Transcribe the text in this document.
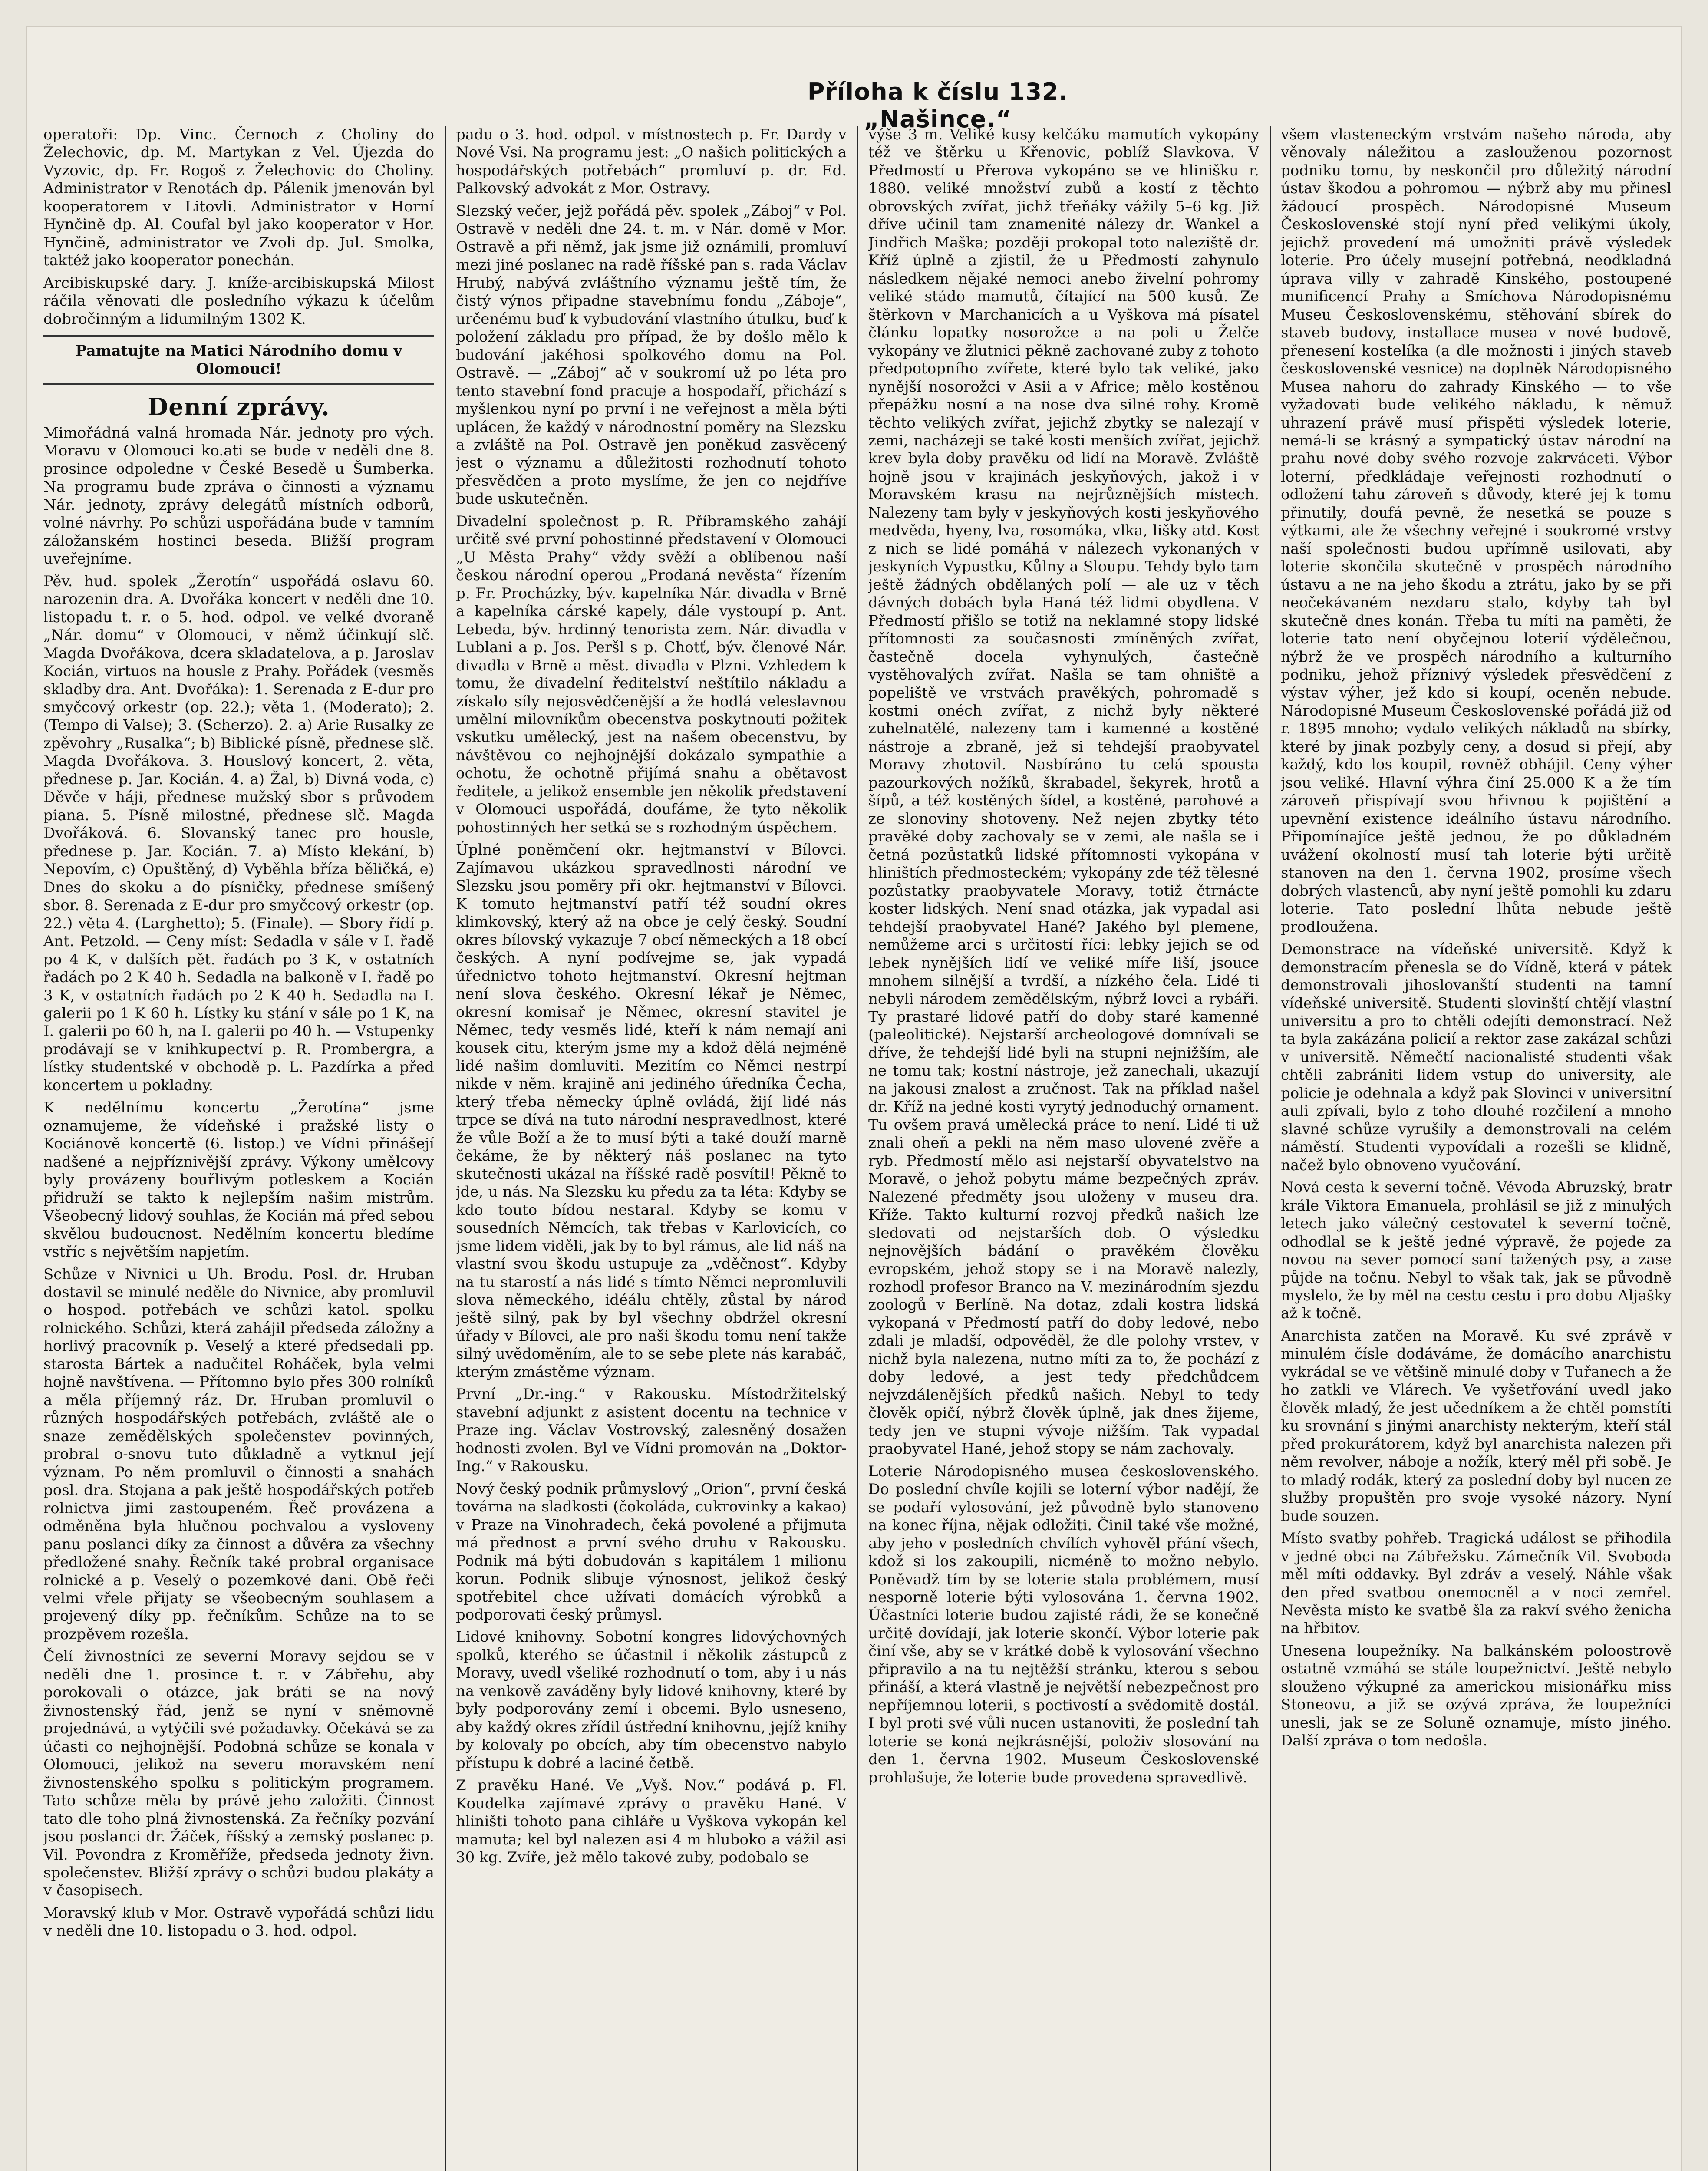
Příloha k číslu 132. „Našince.“
operatoři: Dp. Vinc. Černoch z Choliny do Želechovic, dp. M. Martykan z Vel. Újezda do Vyzovic, dp. Fr. Rogoš z Želechovic do Choliny. Administrator v Renotách dp. Pálenik jmenován byl kooperatorem v Litovli. Administrator v Horní Hynčině dp. Al. Coufal byl jako kooperator v Hor. Hynčině, administrator ve Zvoli dp. Jul. Smolka, taktéž jako kooperator ponechán.
Arcibiskupské dary. J. kníže-arcibiskupská Milost ráčila věnovati dle posledního výkazu k účelům dobročinným a lidumilným 1302 K.
Pamatujte na Matici Národního domu v Olomouci!
Denní zprávy.
Mimořádná valná hromada Nár. jednoty pro vých. Moravu v Olomouci ko.ati se bude v neděli dne 8. prosince odpoledne v České Besedě u Šumberka. Na programu bude zpráva o činnosti a významu Nár. jednoty, zprávy delegátů místních odborů, volné návrhy. Po schůzi uspořádána bude v tamním záložanském hostinci beseda. Bližší program uveřejníme.
Pěv. hud. spolek „Žerotín“ uspořádá oslavu 60. narozenin dra. A. Dvořáka koncert v neděli dne 10. listopadu t. r. o 5. hod. odpol. ve velké dvoraně „Nár. domu“ v Olomouci, v němž účinkují slč. Magda Dvořákova, dcera skladatelova, a p. Jaroslav Kocián, virtuos na housle z Prahy. Pořádek (vesměs skladby dra. Ant. Dvořáka): 1. Serenada z E-dur pro smyčcový orkestr (op. 22.); věta 1. (Moderato); 2. (Tempo di Valse); 3. (Scherzo). 2. a) Arie Rusalky ze zpěvohry „Rusalka“; b) Biblické písně, přednese slč. Magda Dvořákova. 3. Houslový koncert, 2. věta, přednese p. Jar. Kocián. 4. a) Žal, b) Divná voda, c) Děvče v háji, přednese mužský sbor s průvodem piana. 5. Písně milostné, přednese slč. Magda Dvořáková. 6. Slovanský tanec pro housle, přednese p. Jar. Kocián. 7. a) Místo klekání, b) Nepovím, c) Opuštěný, d) Vyběhla bříza běličká, e) Dnes do skoku a do písničky, přednese smíšený sbor. 8. Serenada z E-dur pro smyčcový orkestr (op. 22.) věta 4. (Larghetto); 5. (Finale). — Sbory řídí p. Ant. Petzold. — Ceny míst: Sedadla v sále v I. řadě po 4 K, v dalších pět. řadách po 3 K, v ostatních řadách po 2 K 40 h. Sedadla na balkoně v I. řadě po 3 K, v ostatních řadách po 2 K 40 h. Sedadla na I. galerii po 1 K 60 h. Lístky ku stání v sále po 1 K, na I. galerii po 60 h, na I. galerii po 40 h. — Vstupenky prodávají se v knihkupectví p. R. Prombergra, a lístky studentské v obchodě p. L. Pazdírka a před koncertem u pokladny.
K nedělnímu koncertu „Žerotína“ jsme oznamujeme, že vídeňské i pražské listy o Kociánově koncertě (6. listop.) ve Vídni přinášejí nadšené a nejpříznivější zprávy. Výkony umělcovy byly provázeny bouřlivým potleskem a Kocián přidruží se takto k nejlepším našim mistrům. Všeobecný lidový souhlas, že Kocián má před sebou skvělou budoucnost. Nedělním koncertu bledíme vstříc s největším napjetím.
Schůze v Nivnici u Uh. Brodu. Posl. dr. Hruban dostavil se minulé neděle do Nivnice, aby promluvil o hospod. potřebách ve schůzi katol. spolku rolnického. Schůzi, která zahájil předseda záložny a horlivý pracovník p. Veselý a které předsedali pp. starosta Bártek a nadučitel Roháček, byla velmi hojně navštívena. — Přítomno bylo přes 300 rolníků a měla příjemný ráz. Dr. Hruban promluvil o různých hospodářských potřebách, zvláště ale o snaze zemědělských společenstev povinných, probral o-snovu tuto důkladně a vytknul její význam. Po něm promluvil o činnosti a snahách posl. dra. Stojana a pak ještě hospodářských potřeb rolnictva jimi zastoupeném. Řeč provázena a odměněna byla hlučnou pochvalou a vysloveny panu poslanci díky za činnost a důvěra za všechny předložené snahy. Řečník také probral organisace rolnické a p. Veselý o pozemkové dani. Obě řeči velmi vřele přijaty se všeobecným souhlasem a projevený díky pp. řečníkům. Schůze na to se prozpěvem rozešla.
Čelí živnostníci ze severní Moravy sejdou se v neděli dne 1. prosince t. r. v Zábřehu, aby porokovali o otázce, jak bráti se na nový živnostenský řád, jenž se nyní v sněmovně projednává, a vytýčili své požadavky. Očekává se za účasti co nejhojnější. Podobná schůze se konala v Olomouci, jelikož na severu moravském není živnostenského spolku s politickým programem. Tato schůze měla by právě jeho založiti. Činnost tato dle toho plná živnostenská. Za řečníky pozvání jsou poslanci dr. Žáček, říšský a zemský poslanec p. Vil. Povondra z Kroměříže, předseda jednoty živn. společenstev. Bližší zprávy o schůzi budou plakáty a v časopisech.
Moravský klub v Mor. Ostravě vypořádá schůzi lidu v neděli dne 10. listopadu o 3. hod. odpol.
padu o 3. hod. odpol. v místnostech p. Fr. Dardy v Nové Vsi. Na programu jest: „O našich politických a hospodářských potřebách“ promluví p. dr. Ed. Palkovský advokát z Mor. Ostravy.
Slezský večer, jejž pořádá pěv. spolek „Záboj“ v Pol. Ostravě v neděli dne 24. t. m. v Nár. domě v Mor. Ostravě a při němž, jak jsme již oznámili, promluví mezi jiné poslanec na radě říšské pan s. rada Václav Hrubý, nabývá zvláštního významu ještě tím, že čistý výnos připadne stavebnímu fondu „Záboje“, určenému buď k vybudování vlastního útulku, buď k položení základu pro případ, že by došlo mělo k budování jakéhosi spolkového domu na Pol. Ostravě. — „Záboj“ ač v soukromí už po léta pro tento stavební fond pracuje a hospodaří, přichází s myšlenkou nyní po první i ne veřejnost a měla býti uplácen, že každý v národnostní poměry na Slezsku a zvláště na Pol. Ostravě jen poněkud zasvěcený jest o významu a důležitosti rozhodnutí tohoto přesvědčen a proto myslíme, že jen co nejdříve bude uskutečněn.
Divadelní společnost p. R. Příbramského zahájí určitě své první pohostinné představení v Olomouci „U Města Prahy“ vždy svěží a oblíbenou naší českou národní operou „Prodaná nevěsta“ řízením p. Fr. Procházky, býv. kapelníka Nár. divadla v Brně a kapelníka cárské kapely, dále vystoupí p. Ant. Lebeda, býv. hrdinný tenorista zem. Nár. divadla v Lublani a p. Jos. Peršl s p. Chotť, býv. členové Nár. divadla v Brně a měst. divadla v Plzni. Vzhledem k tomu, že divadelní ředitelství neštítilo nákladu a získalo síly nejosvědčenější a že hodlá veleslavnou umělní milovníkům obecenstva poskytnouti požitek vskutku umělecký, jest na našem obecenstvu, by návštěvou co nejhojnější dokázalo sympathie a ochotu, že ochotně přijímá snahu a obětavost ředitele, a jelikož ensemble jen několik představení v Olomouci uspořádá, doufáme, že tyto několik pohostinných her setká se s rozhodným úspěchem.
Úplné poněmčení okr. hejtmanství v Bílovci. Zajímavou ukázkou spravedlnosti národní ve Slezsku jsou poměry při okr. hejtmanství v Bílovci. K tomuto hejtmanství patří též soudní okres klimkovský, který až na obce je celý český. Soudní okres bílovský vykazuje 7 obcí německých a 18 obcí českých. A nyní podívejme se, jak vypadá úřednictvo tohoto hejtmanství. Okresní hejtman není slova českého. Okresní lékař je Němec, okresní komisař je Němec, okresní stavitel je Němec, tedy vesměs lidé, kteří k nám nemají ani kousek citu, kterým jsme my a kdož dělá nejméně lidé našim domluviti. Mezitím co Němci nestrpí nikde v něm. krajině ani jediného úředníka Čecha, který třeba německy úplně ovládá, žijí lidé nás trpce se dívá na tuto národní nespravedlnost, které že vůle Boží a že to musí býti a také douží marně čekáme, že by některý náš poslanec na tyto skutečnosti ukázal na říšské radě posvítil! Pěkně to jde, u nás. Na Slezsku ku předu za ta léta: Kdyby se kdo touto bídou nestaral. Kdyby se komu v sousedních Němcích, tak třebas v Karlovicích, co jsme lidem viděli, jak by to byl rámus, ale lid náš na vlastní svou škodu ustupuje za „vděčnost“. Kdyby na tu starostí a nás lidé s tímto Němci nepromluvili slova německého, idéálu chtěly, zůstal by národ ještě silný, pak by byl všechny obdržel okresní úřady v Bílovci, ale pro naši škodu tomu není takže silný uvědoměním, ale to se sebe plete nás karabáč, kterým zmástěme význam.
První „Dr.-ing.“ v Rakousku. Místodržitelský stavební adjunkt z asistent docentu na technice v Praze ing. Václav Vostrovský, zalesněný dosažen hodnosti zvolen. Byl ve Vídni promován na „Doktor-Ing.“ v Rakousku.
Nový český podnik průmyslový „Orion“, první česká továrna na sladkosti (čokoláda, cukrovinky a kakao) v Praze na Vinohradech, čeká povolené a přijmuta má přednost a první svého druhu v Rakousku. Podnik má býti dobudován s kapitálem 1 milionu korun. Podnik slibuje výnosnost, jelikož český spotřebitel chce užívati domácích výrobků a podporovati český průmysl.
Lidové knihovny. Sobotní kongres lidovýchovných spolků, kterého se účastnil i několik zástupců z Moravy, uvedl všeliké rozhodnutí o tom, aby i u nás na venkově zaváděny byly lidové knihovny, které by byly podporovány zemí i obcemi. Bylo usneseno, aby každý okres zřídil ústřední knihovnu, jejíž knihy by kolovaly po obcích, aby tím obecenstvo nabylo přístupu k dobré a laciné četbě.
Z pravěku Hané. Ve „Vyš. Nov.“ podává p. Fl. Koudelka zajímavé zprávy o pravěku Hané. V hliništi tohoto pana cihláře u Vyškova vykopán kel mamuta; kel byl nalezen asi 4 m hluboko a vážil asi 30 kg. Zvíře, jež mělo takové zuby, podobalo se
výše 3 m. Veliké kusy kelčáku mamutích vykopány též ve štěrku u Křenovic, poblíž Slavkova. V Předmostí u Přerova vykopáno se ve hlinišku r. 1880. veliké množství zubů a kostí z těchto obrovských zvířat, jichž třeňáky vážily 5–6 kg. Již dříve učinil tam znamenité nálezy dr. Wankel a Jindřich Maška; později prokopal toto naleziště dr. Kříž úplně a zjistil, že u Předmostí zahynulo následkem nějaké nemoci anebo živelní pohromy veliké stádo mamutů, čítající na 500 kusů. Ze štěrkovn v Marchanicích a u Vyškova má písatel článku lopatky nosorožce a na poli u Želče vykopány ve žlutnici pěkně zachované zuby z tohoto předpotopního zvířete, které bylo tak veliké, jako nynější nosorožci v Asii a v Africe; mělo kostěnou přepážku nosní a na nose dva silné rohy. Kromě těchto velikých zvířat, jejichž zbytky se nalezají v zemi, nacházeji se také kosti menších zvířat, jejichž krev byla doby pravěku od lidí na Moravě. Zvláště hojně jsou v krajinách jeskyňových, jakož i v Moravském krasu na nejrůznějších místech. Nalezeny tam byly v jeskyňových kosti jeskyňového medvěda, hyeny, lva, rosomáka, vlka, lišky atd. Kost z nich se lidé pomáhá v nálezech vykonaných v jeskyních Vypustku, Kůlny a Sloupu. Tehdy bylo tam ještě žádných obdělaných polí — ale uz v těch dávných dobách byla Haná též lidmi obydlena. V Předmostí přišlo se totiž na neklamné stopy lidské přítomnosti za současnosti zmíněných zvířat, častečně docela vyhynulých, častečně vystěhovalých zvířat. Našla se tam ohniště a popeliště ve vrstvách pravěkých, pohromadě s kostmi onéch zvířat, z nichž byly některé zuhelnatělé, nalezeny tam i kamenné a kostěné nástroje a zbraně, jež si tehdejší praobyvatel Moravy zhotovil. Nasbíráno tu celá spousta pazourkových nožíků, škrabadel, šekyrek, hrotů a šípů, a též kostěných šídel, a kostěné, parohové a ze slonoviny shotoveny. Než nejen zbytky této pravěké doby zachovaly se v zemi, ale našla se i četná pozůstatků lidské přítomnosti vykopána v hliništích předmosteckém; vykopány zde též tělesné pozůstatky praobyvatele Moravy, totiž čtrnácte koster lidských. Není snad otázka, jak vypadal asi tehdejší praobyvatel Hané? Jakého byl plemene, nemůžeme arci s určitostí říci: lebky jejich se od lebek nynějších lidí ve veliké míře liší, jsouce mnohem silnější a tvrdší, a nízkého čela. Lidé ti nebyli národem zemědělským, nýbrž lovci a rybáři. Ty prastaré lidové patří do doby staré kamenné (paleolitické). Nejstarší archeologové domnívali se dříve, že tehdejší lidé byli na stupni nejnižším, ale ne tomu tak; kostní nástroje, jež zanechali, ukazují na jakousi znalost a zručnost. Tak na příklad našel dr. Kříž na jedné kosti vyrytý jednoduchý ornament. Tu ovšem pravá umělecká práce to není. Lidé ti už znali oheň a pekli na něm maso ulovené zvěře a ryb. Předmostí mělo asi nejstarší obyvatelstvo na Moravě, o jehož pobytu máme bezpečných zpráv. Nalezené předměty jsou uloženy v museu dra. Kříže. Takto kulturní rozvoj předků našich lze sledovati od nejstarších dob. O výsledku nejnovějších bádání o pravěkém člověku evropském, jehož stopy se i na Moravě nalezly, rozhodl profesor Branco na V. mezinárodním sjezdu zoologů v Berlíně. Na dotaz, zdali kostra lidská vykopaná v Předmostí patří do doby ledové, nebo zdali je mladší, odpověděl, že dle polohy vrstev, v nichž byla nalezena, nutno míti za to, že pochází z doby ledové, a jest tedy předchůdcem nejvzdálenějších předků našich. Nebyl to tedy člověk opičí, nýbrž člověk úplně, jak dnes žijeme, tedy jen ve stupni vývoje nižším. Tak vypadal praobyvatel Hané, jehož stopy se nám zachovaly.
Loterie Národopisného musea československého. Do poslední chvíle kojili se loterní výbor nadějí, že se podaří vylosování, jež původně bylo stanoveno na konec října, nějak odložiti. Činil také vše možné, aby jeho v posledních chvílích vyhověl přání všech, kdož si los zakoupili, nicméně to možno nebylo. Poněvadž tím by se loterie stala problémem, musí nesporně loterie býti vylosována 1. června 1902. Účastníci loterie budou zajisté rádi, že se konečně určitě dovídají, jak loterie skončí. Výbor loterie pak činí vše, aby se v krátké době k vylosování všechno připravilo a na tu nejtěžší stránku, kterou s sebou přináší, a která vlastně je největší nebezpečnost pro nepříjemnou loterii, s poctivostí a svědomitě dostál. I byl proti své vůli nucen ustanoviti, že poslední tah loterie se koná nejkrásnější, položiv slosování na den 1. června 1902. Museum Československé prohlašuje, že loterie bude provedena spravedlivě.
všem vlasteneckým vrstvám našeho národa, aby věnovaly náležitou a zaslouženou pozornost podniku tomu, by neskončil pro důležitý národní ústav škodou a pohromou — nýbrž aby mu přinesl žádoucí prospěch. Národopisné Museum Československé stojí nyní před velikými úkoly, jejichž provedení má umožniti právě výsledek loterie. Pro účely musejní potřebná, neodkladná úprava villy v zahradě Kinského, postoupené munificencí Prahy a Smíchova Národopisnému Museu Československému, stěhování sbírek do staveb budovy, installace musea v nové budově, přenesení kostelíka (a dle možnosti i jiných staveb československé vesnice) na doplněk Národopisného Musea nahoru do zahrady Kinského — to vše vyžadovati bude velikého nákladu, k němuž uhrazení právě musí přispěti výsledek loterie, nemá-li se krásný a sympatický ústav národní na prahu nové doby svého rozvoje zakrváceti. Výbor loterní, předkládaje veřejnosti rozhodnutí o odložení tahu zároveň s důvody, které jej k tomu přinutily, doufá pevně, že nesetká se pouze s výtkami, ale že všechny veřejné i soukromé vrstvy naší společnosti budou upřímně usilovati, aby loterie skončila skutečně v prospěch národního ústavu a ne na jeho škodu a ztrátu, jako by se při neočekávaném nezdaru stalo, kdyby tah byl skutečně dnes konán. Třeba tu míti na paměti, že loterie tato není obyčejnou loterií výdělečnou, nýbrž že ve prospěch národního a kulturního podniku, jehož příznivý výsledek přesvědčení z výstav výher, jež kdo si koupí, oceněn nebude. Národopisné Museum Československé pořádá již od r. 1895 mnoho; vydalo velikých nákladů na sbírky, které by jinak pozbyly ceny, a dosud si přejí, aby každý, kdo los koupil, rovněž obhájil. Ceny výher jsou veliké. Hlavní výhra činí 25.000 K a že tím zároveň přispívají svou hřivnou k pojištění a upevnění existence ideálního ústavu národního. Připomínajíce ještě jednou, že po důkladném uvážení okolností musí tah loterie býti určitě stanoven na den 1. června 1902, prosíme všech dobrých vlastenců, aby nyní ještě pomohli ku zdaru loterie. Tato poslední lhůta nebude ještě prodloužena.
Demonstrace na vídeňské universitě. Když k demonstracím přenesla se do Vídně, která v pátek demonstrovali jihoslovanští studenti na tamní vídeňské universitě. Studenti slovinští chtějí vlastní universitu a pro to chtěli odejíti demonstrací. Než ta byla zakázána policií a rektor zase zakázal schůzi v universitě. Němečtí nacionalisté studenti však chtěli zabrániti lidem vstup do university, ale policie je odehnala a když pak Slovinci v universitní auli zpívali, bylo z toho dlouhé rozčilení a mnoho slavné schůze vyrušily a demonstrovali na celém náměstí. Studenti vypovídali a rozešli se klidně, načež bylo obnoveno vyučování.
Nová cesta k severní točně. Vévoda Abruzský, bratr krále Viktora Emanuela, prohlásil se již z minulých letech jako válečný cestovatel k severní točně, odhodlal se k ještě jedné výpravě, že pojede za novou na sever pomocí saní tažených psy, a zase půjde na točnu. Nebyl to však tak, jak se původně myslelo, že by měl na cestu cestu i pro dobu Aljašky až k točně.
Anarchista zatčen na Moravě. Ku své zprávě v minulém čísle dodáváme, že domácího anarchistu vykrádal se ve většině minulé doby v Tuřanech a že ho zatkli ve Vlárech. Ve vyšetřování uvedl jako člověk mladý, že jest učedníkem a že chtěl pomstíti ku srovnání s jinými anarchisty nekterým, kteří stál před prokurátorem, když byl anarchista nalezen při něm revolver, náboje a nožík, který měl při sobě. Je to mladý rodák, který za poslední doby byl nucen ze služby propuštěn pro svoje vysoké názory. Nyní bude souzen.
Místo svatby pohřeb. Tragická událost se přihodila v jedné obci na Zábřežsku. Zámečník Vil. Svoboda měl míti oddavky. Byl zdráv a veselý. Náhle však den před svatbou onemocněl a v noci zemřel. Nevěsta místo ke svatbě šla za rakví svého ženicha na hřbitov.
Unesena loupežníky. Na balkánském poloostrově ostatně vzmáhá se stále loupežnictví. Ještě nebylo slouženo výkupné za americkou misionářku miss Stoneovu, a již se ozývá zpráva, že loupežníci unesli, jak se ze Soluně oznamuje, místo jiného. Další zpráva o tom nedošla.
